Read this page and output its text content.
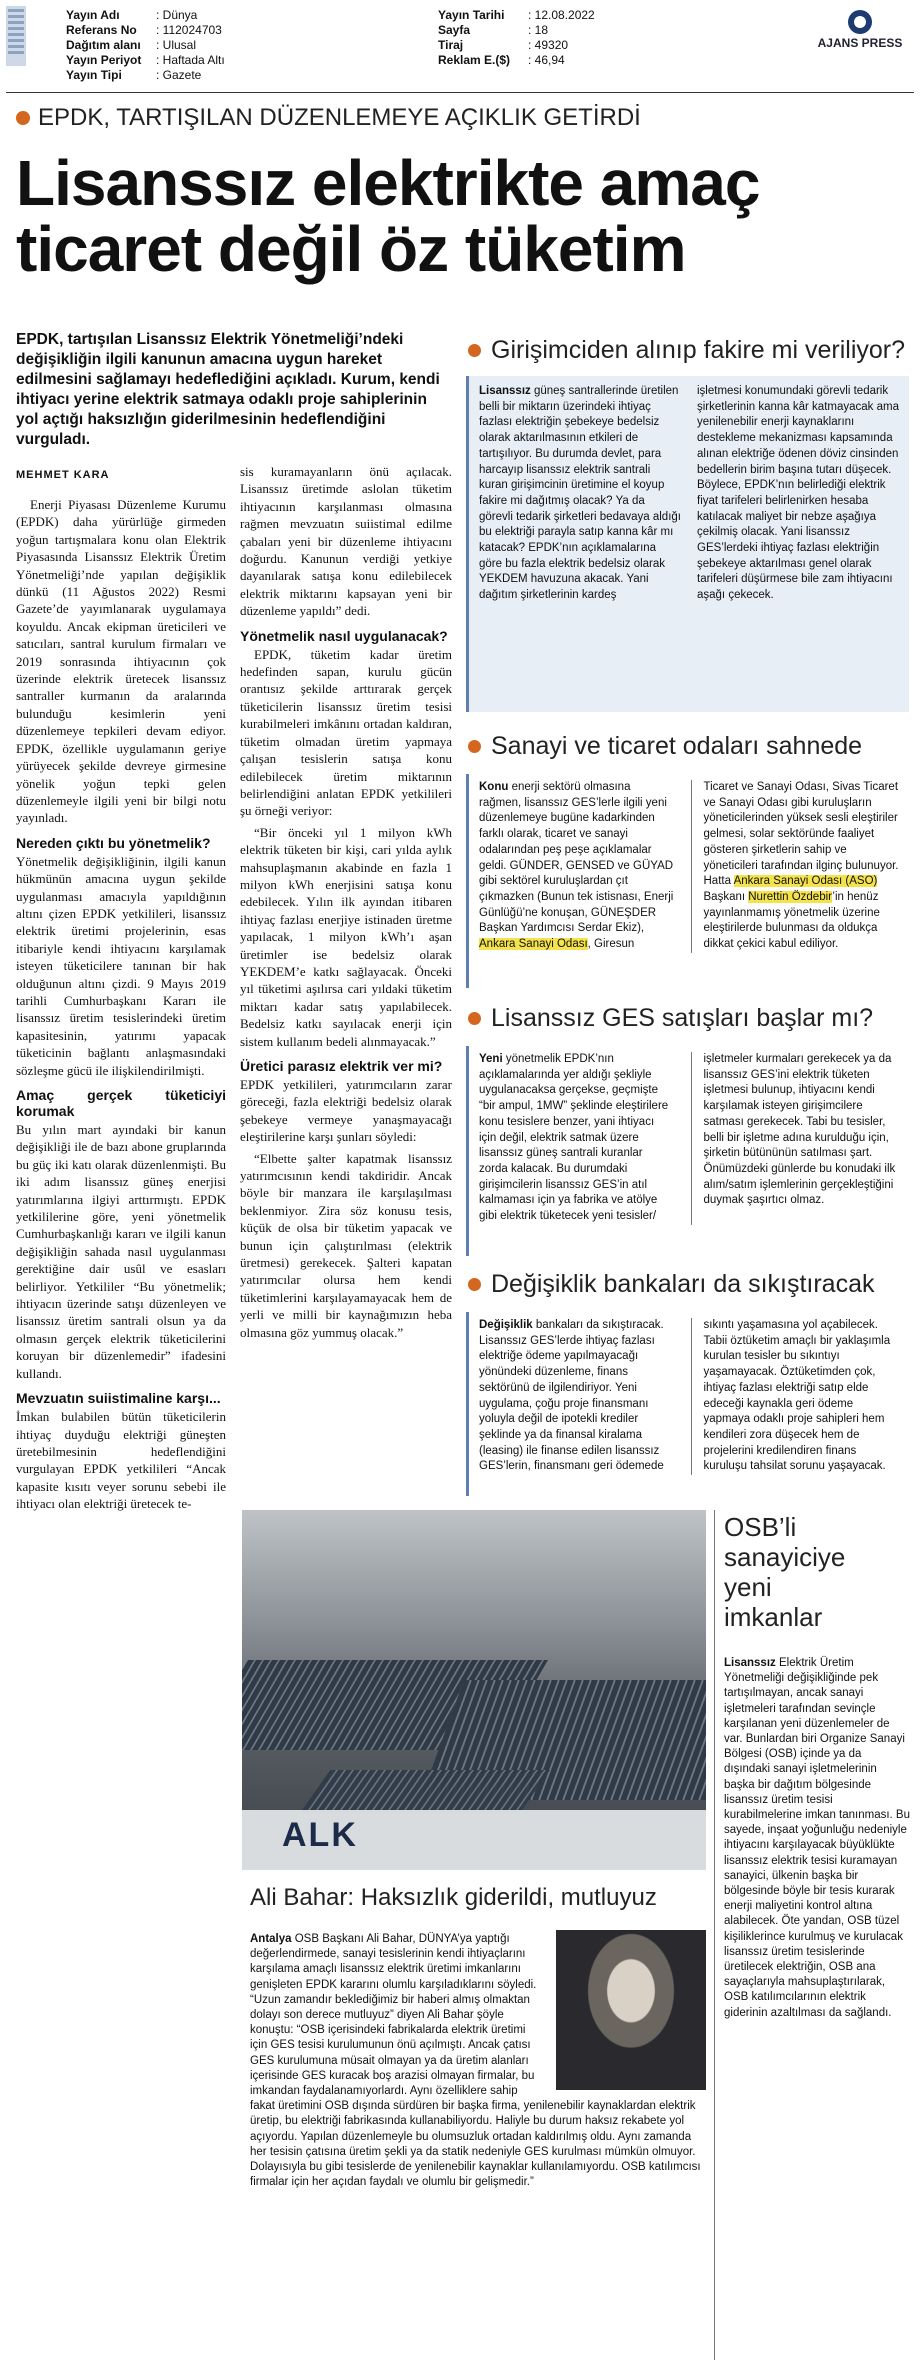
Yayın Adı	: Dünya
Referans No	: 112024703
Dağıtım alanı	: Ulusal
Yayın Periyot	: Haftada Altı
Yayın Tipi	: Gazete
Yayın Tarihi	: 12.08.2022
Sayfa	: 18
Tiraj	: 49320
Reklam E.($)	: 46,94
AJANS PRESS
EPDK, TARTIŞILAN DÜZENLEMEYE AÇIKLIK GETİRDİ
Lisanssız elektrikte amaç
ticaret değil öz tüketim
EPDK, tartışılan Lisanssız Elektrik Yönetmeliği’ndeki değişikliğin ilgili kanunun amacına uygun hareket edilmesini sağlamayı hedeflediğini açıkladı. Kurum, kendi ihtiyacı yerine elektrik satmaya odaklı proje sahiplerinin yol açtığı haksızlığın giderilmesinin hedeflendiğini vurguladı.
MEHMET KARA

Enerji Piyasası Düzenleme Kurumu (EPDK) daha yürürlüğe girmeden yoğun tartışmalara konu olan Elektrik Piyasasında Lisanssız Elektrik Üretim Yönetmeliği’nde yapılan değişiklik dünkü (11 Ağustos 2022) Resmi Gazete’de yayımlanarak uygulamaya koyuldu. Ancak ekipman üreticileri ve satıcıları, santral kurulum firmaları ve 2019 sonrasında ihtiyacının çok üzerinde elektrik üretecek lisanssız santraller kurmanın da aralarında bulunduğu kesimlerin yeni düzenlemeye tepkileri devam ediyor. EPDK, özellikle uygulamanın geriye yürüyecek şekilde devreye girmesine yönelik yoğun tepki gelen düzenlemeyle ilgili yeni bir bilgi notu yayınladı.

Nereden çıktı bu yönetmelik?

Yönetmelik değişikliğinin, ilgili kanun hükmünün amacına uygun şekilde uygulanması amacıyla yapıldığının altını çizen EPDK yetkilileri, lisanssız elektrik üretimi projelerinin, esas itibariyle kendi ihtiyacını karşılamak isteyen tüketicilere tanınan bir hak olduğunun altını çizdi. 9 Mayıs 2019 tarihli Cumhurbaşkanı Kararı ile lisanssız üretim tesislerindeki üretim kapasitesinin, yatırımı yapacak tüketicinin bağlantı anlaşmasındaki sözleşme gücü ile ilişkilendirilmişti.

Amaç gerçek tüketiciyi korumak

Bu yılın mart ayındaki bir kanun değişikliği ile de bazı abone gruplarında bu güç iki katı olarak düzenlenmişti. Bu iki adım lisanssız güneş enerjisi yatırımlarına ilgiyi arttırmıştı. EPDK yetkililerine göre, yeni yönetmelik Cumhurbaşkanlığı kararı ve ilgili kanun değişikliğin sahada nasıl uygulanması gerektiğine dair usûl ve esasları belirliyor. Yetkililer “Bu yönetmelik; ihtiyacın üzerinde satışı düzenleyen ve lisanssız üretim santrali olsun ya da olmasın gerçek elektrik tüketicilerini koruyan bir düzenlemedir” ifadesini kullandı.

Mevzuatın suiistimaline karşı...

İmkan bulabilen bütün tüketicilerin ihtiyaç duyduğu elektriği güneşten üretebilmesinin hedeflendiğini vurgulayan EPDK yetkilileri “Ancak kapasite kısıtı veyer sorunu sebebi ile ihtiyacı olan elektriği üretecek te-

sis kuramayanların önü açılacak. Lisanssız üretimde aslolan tüketim ihtiyacının karşılanması olmasına rağmen mevzuatın suiistimal edilme çabaları yeni bir düzenleme ihtiyacını doğurdu. Kanunun verdiği yetkiye dayanılarak satışa konu edilebilecek elektrik miktarını kapsayan yeni bir düzenleme yapıldı” dedi.

Yönetmelik nasıl uygulanacak?

EPDK, tüketim kadar üretim hedefinden sapan, kurulu gücün orantısız şekilde arttırarak gerçek tüketicilerin lisanssız üretim tesisi kurabilmeleri imkânını ortadan kaldıran, tüketim olmadan üretim yapmaya çalışan tesislerin satışa konu edilebilecek üretim miktarının belirlendiğini anlatan EPDK yetkilileri şu örneği veriyor:

“Bir önceki yıl 1 milyon kWh elektrik tüketen bir kişi, cari yılda aylık mahsuplaşmanın akabinde en fazla 1 milyon kWh enerjisini satışa konu edebilecek. Yılın ilk ayından itibaren ihtiyaç fazlası enerjiye istinaden üretme yapılacak, 1 milyon kWh’ı aşan üretimler ise bedelsiz olarak YEKDEM’e katkı sağlayacak. Önceki yıl tüketimi aşılırsa cari yıldaki tüketim miktarı kadar satış yapılabilecek. Bedelsiz katkı sayılacak enerji için sistem kullanım bedeli alınmayacak.”

Üretici parasız elektrik ver mi?

EPDK yetkilileri, yatırımcıların zarar göreceği, fazla elektriği bedelsiz olarak şebekeye vermeye yanaşmayacağı eleştirilerine karşı şunları söyledi:

“Elbette şalter kapatmak lisanssız yatırımcısının kendi takdiridir. Ancak böyle bir manzara ile karşılaşılması beklenmiyor. Zira söz konusu tesis, küçük de olsa bir tüketim yapacak ve bunun için çalıştırılması (elektrik üretmesi) gerekecek. Şalteri kapatan yatırımcılar olursa hem kendi tüketimlerini karşılayamayacak hem de yerli ve milli bir kaynağımızın heba olmasına göz yummuş olacak.”

Girişimciden alınıp fakire mi veriliyor?
Lisanssız güneş santrallerinde üretilen belli bir miktarın üzerindeki ihtiyaç fazlası elektriğin şebekeye bedelsiz olarak aktarılmasının etkileri de tartışılıyor. Bu durumda devlet, para harcayıp lisanssız elektrik santrali kuran girişimcinin üretimine el koyup fakire mi dağıtmış olacak? Ya da görevli tedarik şirketleri bedavaya aldığı bu elektriği parayla satıp kanna kâr mı katacak? EPDK’nın açıklamalarına göre bu fazla elektrik bedelsiz olarak YEKDEM havuzuna akacak. Yani dağıtım şirketlerinin kardeş
işletmesi konumundaki görevli tedarik şirketlerinin kanna kâr katmayacak ama yenilenebilir enerji kaynaklarını destekleme mekanizması kapsamında alınan elektriğe ödenen döviz cinsinden bedellerin birim başına tutarı düşecek. Böylece, EPDK’nın belirlediği elektrik fiyat tarifeleri belirlenirken hesaba katılacak maliyet bir nebze aşağıya çekilmiş olacak. Yani lisanssız GES’lerdeki ihtiyaç fazlası elektriğin şebekeye aktarılması genel olarak tarifeleri düşürmese bile zam ihtiyacını aşağı çekecek.
Sanayi ve ticaret odaları sahnede
Konu enerji sektörü olmasına rağmen, lisanssız GES’lerle ilgili yeni düzenlemeye bugüne kadarkinden farklı olarak, ticaret ve sanayi odalarından peş peşe açıklamalar geldi. GÜNDER, GENSED ve GÜYAD gibi sektörel kuruluşlardan çıt çıkmazken (Bunun tek istisnası, Enerji Günlüğü’ne konuşan, GÜNEŞDER Başkan Yardımcısı Serdar Ekiz), Ankara Sanayi Odası, Giresun
Ticaret ve Sanayi Odası, Sivas Ticaret ve Sanayi Odası gibi kuruluşların yöneticilerinden yüksek sesli eleştiriler gelmesi, solar sektöründe faaliyet gösteren şirketlerin sahip ve yöneticileri tarafından ilginç bulunuyor. Hatta Ankara Sanayi Odası (ASO) Başkanı Nurettin Özdebir’in henüz yayınlanmamış yönetmelik üzerine eleştirilerde bulunması da oldukça dikkat çekici kabul ediliyor.
Lisanssız GES satışları başlar mı?
Yeni yönetmelik EPDK’nın açıklamalarında yer aldığı şekliyle uygulanacaksa gerçekse, geçmişte “bir ampul, 1MW” şeklinde eleştirilere konu tesislere benzer, yani ihtiyacı için değil, elektrik satmak üzere lisanssız güneş santrali kuranlar zorda kalacak. Bu durumdaki girişimcilerin lisanssız GES’in atıl kalmaması için ya fabrika ve atölye gibi elektrik tüketecek yeni tesisler/
işletmeler kurmaları gerekecek ya da lisanssız GES’ini elektrik tüketen işletmesi bulunup, ihtiyacını kendi karşılamak isteyen girişimcilere satması gerekecek. Tabi bu tesisler, belli bir işletme adına kurulduğu için, şirketin bütününün satılması şart. Önümüzdeki günlerde bu konudaki ilk alım/satım işlemlerinin gerçekleştiğini duymak şaşırtıcı olmaz.
Değişiklik bankaları da sıkıştıracak
Değişiklik bankaları da sıkıştıracak. Lisanssız GES’lerde ihtiyaç fazlası elektriğe ödeme yapılmayacağı yönündeki düzenleme, finans sektörünü de ilgilendiriyor. Yeni uygulama, çoğu proje finansmanı yoluyla değil de ipotekli krediler şeklinde ya da finansal kiralama (leasing) ile finanse edilen lisanssız GES’lerin, finansmanı geri ödemede
sıkıntı yaşamasına yol açabilecek. Tabii öztüketim amaçlı bir yaklaşımla kurulan tesisler bu sıkıntıyı yaşamayacak. Öztüketimden çok, ihtiyaç fazlası elektriği satıp elde edeceği kaynakla geri ödeme yapmaya odaklı proje sahipleri hem kendileri zora düşecek hem de projelerini kredilendiren finans kuruluşu tahsilat sorunu yaşayacak.
ALK
Ali Bahar: Haksızlık giderildi, mutluyuz
Antalya OSB Başkanı Ali Bahar, DÜNYA’ya yaptığı değerlendirmede, sanayi tesislerinin kendi ihtiyaçlarını karşılama amaçlı lisanssız elektrik üretimi imkanlarını genişleten EPDK kararını olumlu karşıladıklarını söyledi. “Uzun zamandır beklediğimiz bir haberi almış olmaktan dolayı son derece mutluyuz” diyen Ali Bahar şöyle konuştu: “OSB içerisindeki fabrikalarda elektrik üretimi için GES tesisi kurulumunun önü açılmıştı. Ancak çatısı GES kurulumuna müsait olmayan ya da üretim alanları içerisinde GES kuracak boş arazisi olmayan firmalar, bu imkandan faydalanamıyorlardı. Aynı özelliklere sahip fakat üretimini OSB dışında sürdüren bir başka firma, yenilenebilir kaynaklardan elektrik üretip, bu elektriği fabrikasında kullanabiliyordu. Haliyle bu durum haksız rekabete yol açıyordu. Yapılan düzenlemeyle bu olumsuzluk ortadan kaldırılmış oldu. Aynı zamanda her tesisin çatısına üretim şekli ya da statik nedeniyle GES kurulması mümkün olmuyor. Dolayısıyla bu gibi tesislerde de yenilenebilir kaynaklar kullanılamıyordu. OSB katılımcısı firmalar için her açıdan faydalı ve olumlu bir gelişmedir.”
OSB’li
sanayiciye
yeni
imkanlar
Lisanssız Elektrik Üretim Yönetmeliği değişikliğinde pek tartışılmayan, ancak sanayi işletmeleri tarafından sevinçle karşılanan yeni düzenlemeler de var. Bunlardan biri Organize Sanayi Bölgesi (OSB) içinde ya da dışındaki sanayi işletmelerinin başka bir dağıtım bölgesinde lisanssız üretim tesisi kurabilmelerine imkan tanınması. Bu sayede, inşaat yoğunluğu nedeniyle ihtiyacını karşılayacak büyüklükte lisanssız elektrik tesisi kuramayan sanayici, ülkenin başka bir bölgesinde böyle bir tesis kurarak enerji maliyetini kontrol altına alabilecek. Öte yandan, OSB tüzel kişiliklerince kurulmuş ve kurulacak lisanssız üretim tesislerinde üretilecek elektriğin, OSB ana sayaçlarıyla mahsuplaştırılarak, OSB katılımcılarının elektrik giderinin azaltılması da sağlandı.
